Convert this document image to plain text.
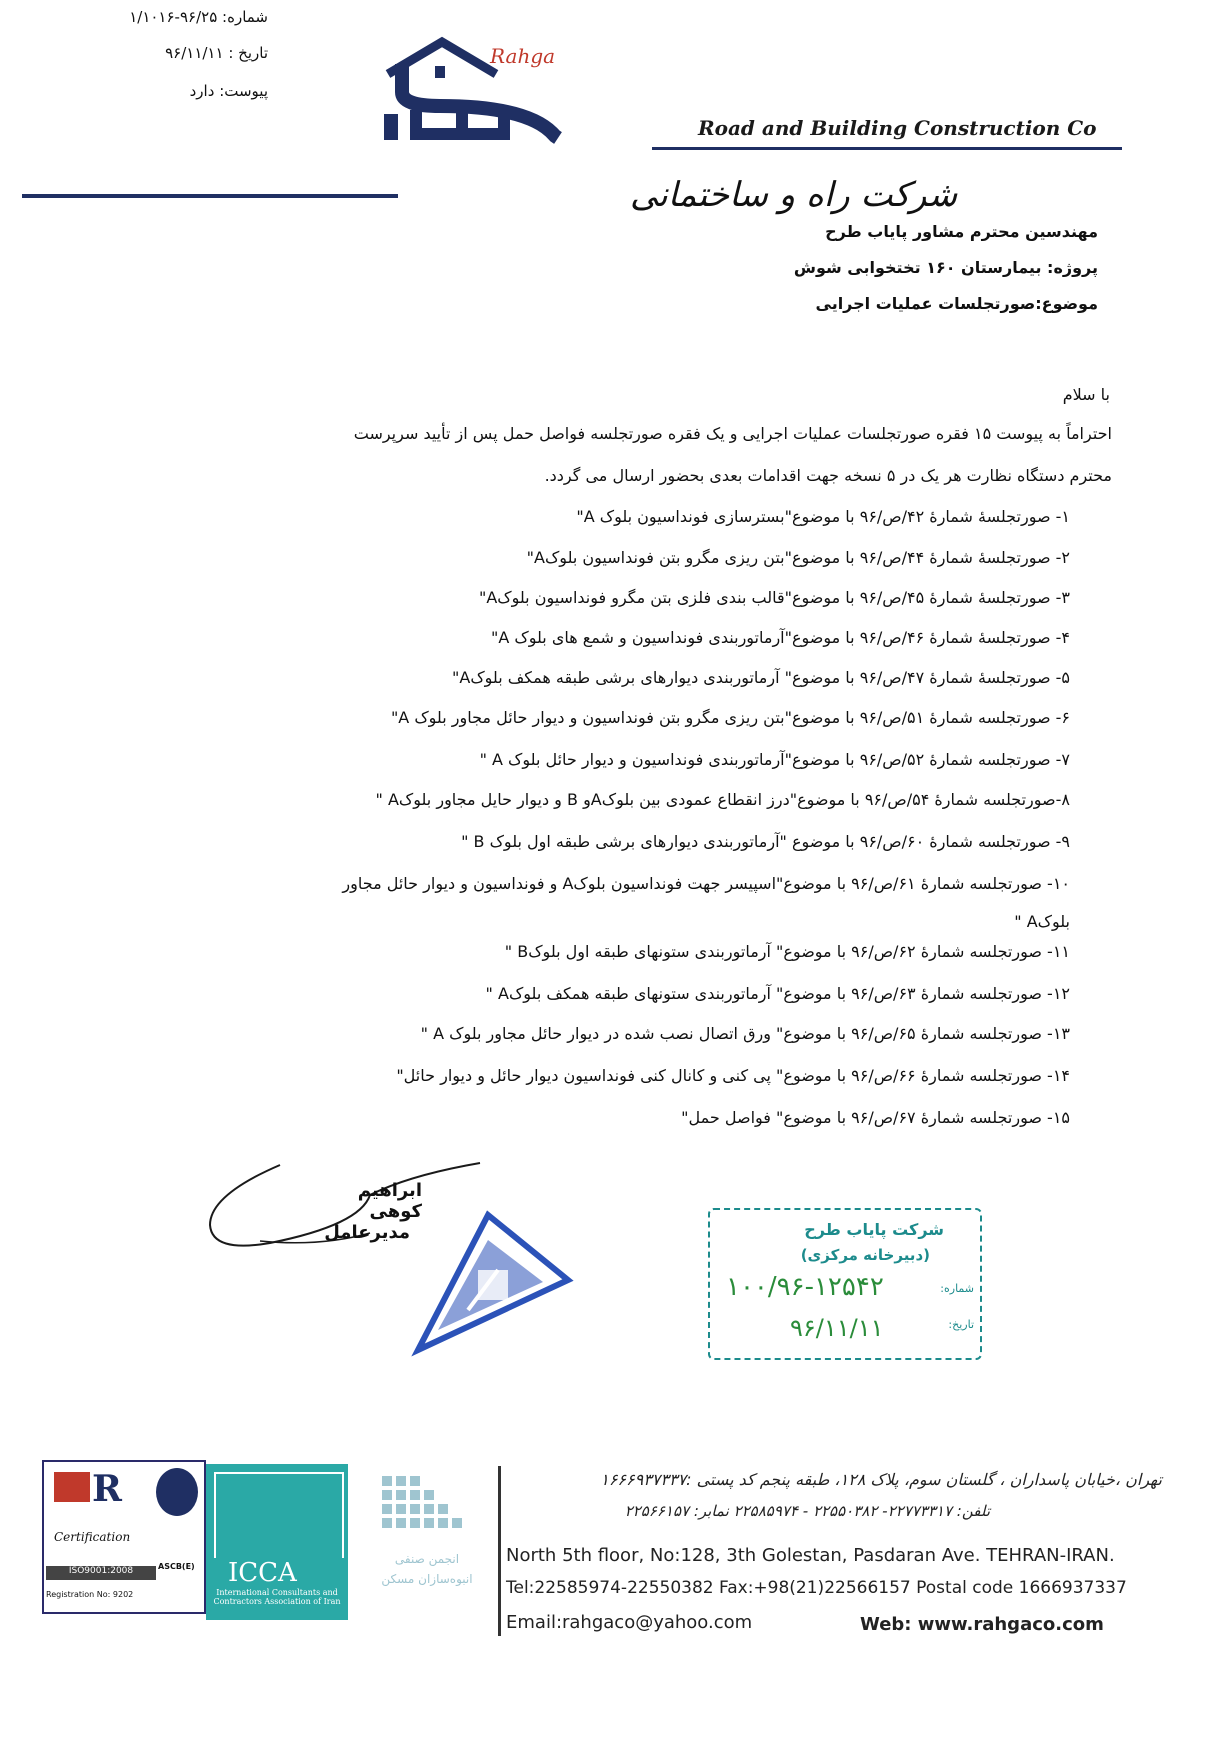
شماره: ۹۶/۲۵-۱/۱۰۱۶
تاریخ : ۹۶/۱۱/۱۱
پیوست: دارد
Rahga
Road and Building Construction Co
شرکت راه و ساختمانی
مهندسین محترم مشاور پایاب طرح
پروژه: بیمارستان ۱۶۰ تختخوابی شوش
موضوع:صورتجلسات عملیات اجرایی
با سلام
احتراماً به پیوست ۱۵ فقره صورتجلسات عملیات اجرایی و یک فقره صورتجلسه فواصل حمل پس از تأیید سرپرست
محترم دستگاه نظارت هر یک در ۵ نسخه جهت اقدامات بعدی بحضور ارسال می گردد.
۱- صورتجلسهٔ شمارهٔ ۴۲/ص/۹۶ با موضوع"بسترسازی فونداسیون بلوک A"
۲- صورتجلسهٔ شمارهٔ ۴۴/ص/۹۶ با موضوع"بتن ریزی مگرو بتن فونداسیون بلوکA"
۳- صورتجلسهٔ شمارهٔ ۴۵/ص/۹۶ با موضوع"قالب بندی فلزی بتن مگرو فونداسیون بلوکA"
۴- صورتجلسهٔ شمارهٔ ۴۶/ص/۹۶ با موضوع"آرماتوربندی فونداسیون و شمع های بلوک A"
۵- صورتجلسهٔ شمارهٔ ۴۷/ص/۹۶ با موضوع" آرماتوربندی دیوارهای برشی طبقه همکف بلوکA"
۶- صورتجلسه شمارهٔ ۵۱/ص/۹۶ با موضوع"بتن ریزی مگرو بتن فونداسیون و دیوار حائل مجاور بلوک A"
۷- صورتجلسه شمارهٔ ۵۲/ص/۹۶ با موضوع"آرماتوربندی فونداسیون و دیوار حائل بلوک A "
۸-صورتجلسه شمارهٔ ۵۴/ص/۹۶ با موضوع"درز انقطاع عمودی بین بلوکAو B و دیوار حایل مجاور بلوکA "
۹- صورتجلسه شمارهٔ ۶۰/ص/۹۶ با موضوع "آرماتوربندی دیوارهای برشی طبقه اول بلوک B "
۱۰- صورتجلسه شمارهٔ ۶۱/ص/۹۶ با موضوع"اسپیسر جهت فونداسیون بلوکA و فونداسیون و دیوار حائل مجاور
بلوکA "
۱۱- صورتجلسه شمارهٔ ۶۲/ص/۹۶ با موضوع" آرماتوربندی ستونهای طبقه اول بلوکB "
۱۲- صورتجلسه شمارهٔ ۶۳/ص/۹۶ با موضوع" آرماتوربندی ستونهای طبقه همکف بلوکA "
۱۳- صورتجلسه شمارهٔ ۶۵/ص/۹۶ با موضوع" ورق اتصال نصب شده در دیوار حائل مجاور بلوک A "
۱۴- صورتجلسه شمارهٔ ۶۶/ص/۹۶ با موضوع" پی کنی و کانال کنی فونداسیون دیوار حائل و دیوار حائل"
۱۵- صورتجلسه شمارهٔ ۶۷/ص/۹۶ با موضوع" فواصل حمل"
ابراهیم کوهی
مدیرعامل	شرکت پایاب طرح
(دبیرخانه مرکزی)
شماره:
۱۰۰/۹۶-۱۲۵۴۲
تاریخ:
۹۶/۱۱/۱۱
R
Certification
ISO9001:2008
Registration No: 9202
ASCB(E) ICCA
International Consultants and Contractors Association of Iran
انجمن صنفی
انبوه‌سازان مسکن
تهران ،خیابان پاسداران ، گلستان سوم، پلاک ۱۲۸، طبقه پنجم کد پستی :۱۶۶۶۹۳۷۳۳۷
تلفن: ۲۲۷۷۳۳۱۷- ۲۲۵۵۰۳۸۲ - ۲۲۵۸۵۹۷۴ نمابر: ۲۲۵۶۶۱۵۷
North 5th floor, No:128, 3th Golestan, Pasdaran Ave. TEHRAN-IRAN.
Tel:22585974-22550382 Fax:+98(21)22566157 Postal code 1666937337
Email:rahgaco@yahoo.com	Web: www.rahgaco.com
